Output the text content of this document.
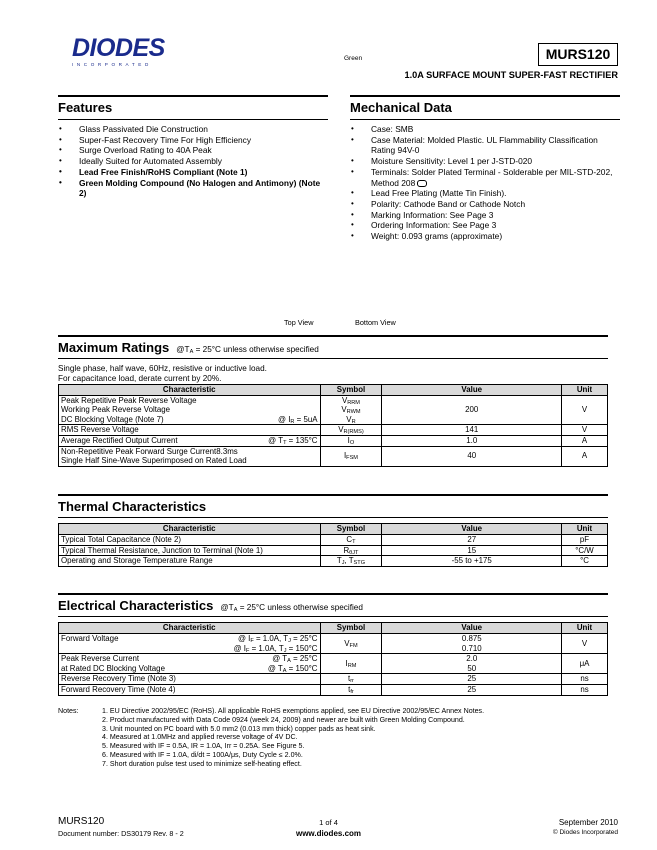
DIODES
INCORPORATED
Green	MURS120
1.0A SURFACE MOUNT SUPER-FAST RECTIFIER
Features
• Glass Passivated Die Construction
• Super-Fast Recovery Time For High Efficiency
• Surge Overload Rating to 40A Peak
• Ideally Suited for Automated Assembly
• Lead Free Finish/RoHS Compliant (Note 1)
• Green Molding Compound (No Halogen and Antimony) (Note 2)
Mechanical Data
• Case: SMB
• Case Material: Molded Plastic. UL Flammability Classification Rating 94V-0
• Moisture Sensitivity: Level 1 per J-STD-020
• Terminals: Solder Plated Terminal - Solderable per MIL-STD-202, Method 208
• Lead Free Plating (Matte Tin Finish).
• Polarity: Cathode Band or Cathode Notch
• Marking Information: See Page 3
• Ordering Information: See Page 3
• Weight: 0.093 grams (approximate)
Top View	Bottom View
Maximum Ratings $@T_A = 25^\circ C$ unless otherwise specified
Single phase, half wave, 60Hz, resistive or inductive load.
For capacitance load, derate current by 20%.
Characteristic	Symbol	Value	Unit

Peak Repetitive Peak Reverse Voltage
Working Peak Reverse Voltage
@ $I_R = 5uA$
DC Blocking Voltage (Note 7)	$V_{RRM}$
$V_{RWM}$
$V_R$	200	V
RMS Reverse Voltage	$V_{R(RMS)}$	141	V

@ $T_T = 135^\circ C$
Average Rectified Output Current	$I_O$	1.0	A

Non-Repetitive Peak Forward Surge Current8.3ms
Single Half Sine-Wave Superimposed on Rated Load	$I_{FSM}$	40	A
Thermal Characteristics
Characteristic	Symbol	Value	Unit
Typical Total Capacitance (Note 2)	$C_T$	27	pF
Typical Thermal Resistance, Junction to Terminal (Note 1)	$R_{\theta JT}$	15	°C/W
Operating and Storage Temperature Range	$T_J$, $T_{STG}$	-55 to +175	°C
Electrical Characteristics $@T_A = 25^\circ C$ unless otherwise specified
Characteristic	Symbol	Value	Unit

@ $I_F = 1.0A$, $T_J = 25^\circ C$
Forward Voltage
@ $I_F = 1.0A$, $T_J = 150^\circ C$	$V_{FM}$	0.875
0.710	V

@ $T_A = 25^\circ C$
Peak Reverse Current
@ $T_A = 150^\circ C$
at Rated DC Blocking Voltage	$I_{RM}$	2.0
50	μA
Reverse Recovery Time (Note 3)	$t_{rr}$	25	ns
Forward Recovery Time (Note 4)	$t_{fr}$	25	ns
Notes:	1. EU Directive 2002/95/EC (RoHS). All applicable RoHS exemptions applied, see EU Directive 2002/95/EC Annex Notes.
2. Product manufactured with Data Code 0924 (week 24, 2009) and newer are built with Green Molding Compound.
3. Unit mounted on PC board with 5.0 mm2 (0.013 mm thick) copper pads as heat sink.
4. Measured at 1.0MHz and applied reverse voltage of 4V DC.
5. Measured with IF = 0.5A, IR = 1.0A, Irr = 0.25A. See Figure 5.
6. Measured with IF = 1.0A, di/dt = 100A/μs, Duty Cycle ≤ 2.0%.
7. Short duration pulse test used to minimize self-heating effect.
MURS120
Document number: DS30179 Rev. 8 - 2
1 of 4
www.diodes.com
September 2010
© Diodes Incorporated
